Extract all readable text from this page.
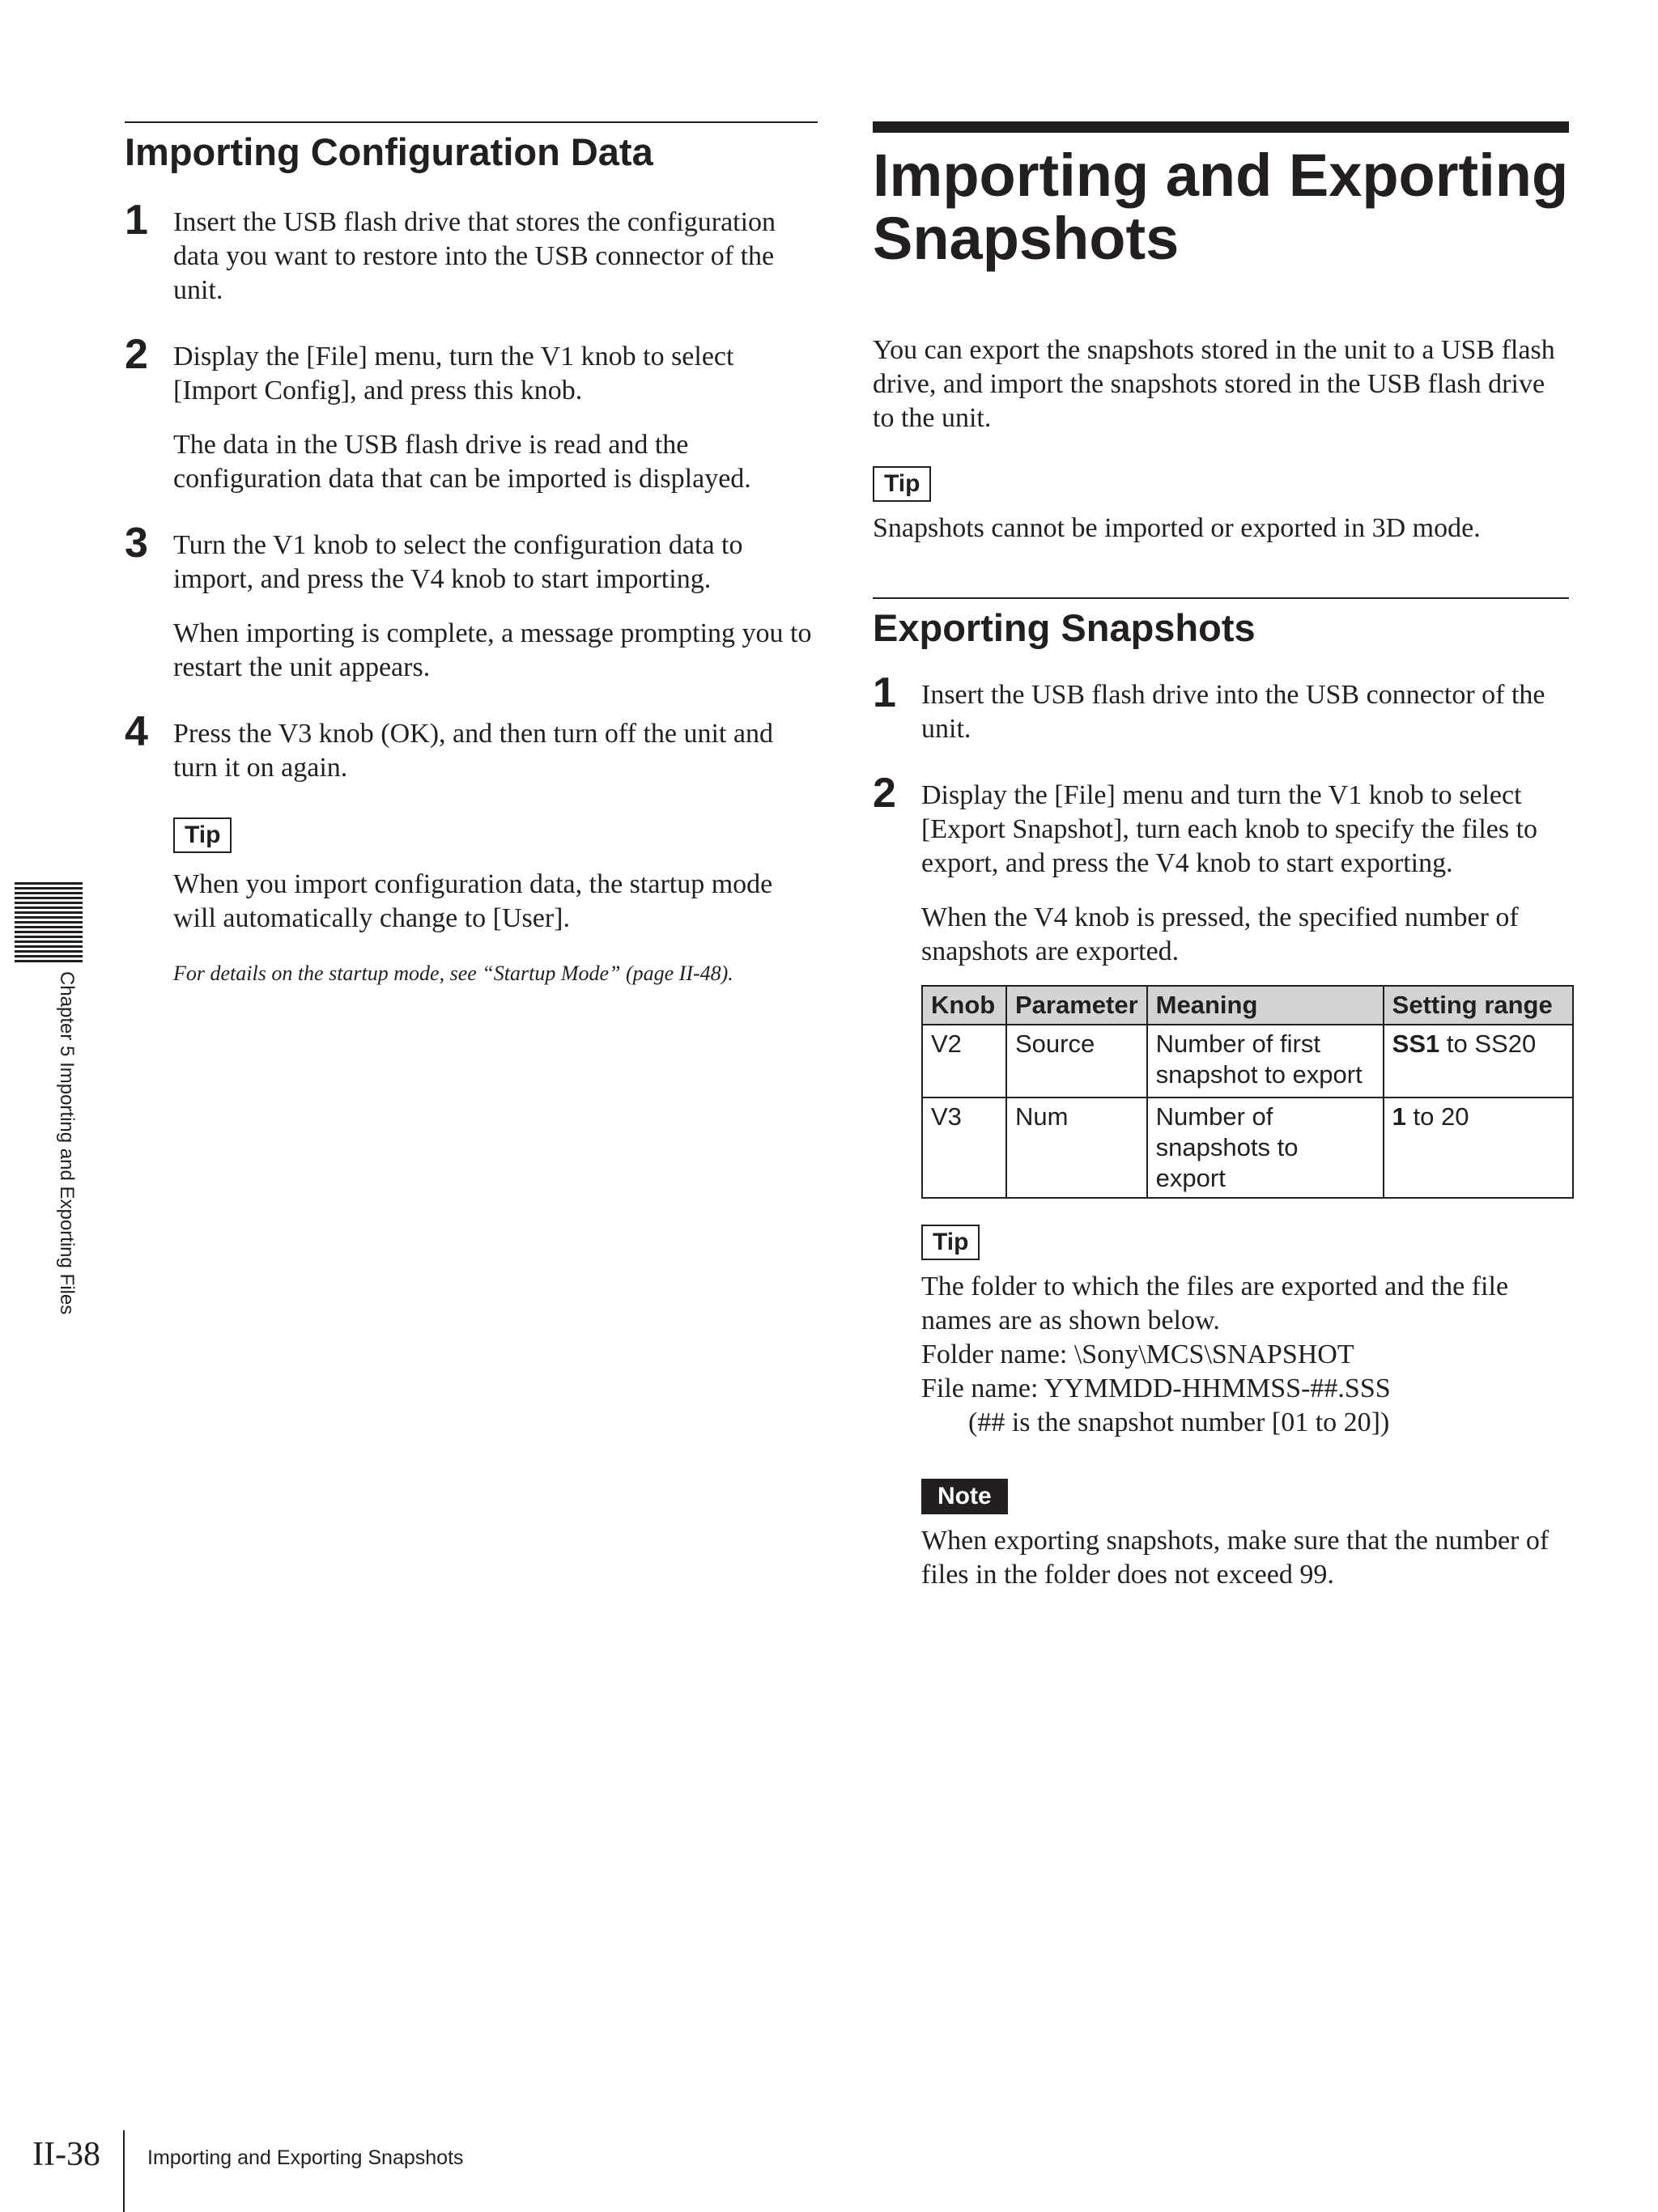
Importing Configuration Data
1 Insert the USB flash drive that stores the configuration data you want to restore into the USB connector of the unit.

2 Display the [File] menu, turn the V1 knob to select [Import Config], and press this knob.

The data in the USB flash drive is read and the configuration data that can be imported is displayed.

3 Turn the V1 knob to select the configuration data to import, and press the V4 knob to start importing.

When importing is complete, a message prompting you to restart the unit appears.

4 Press the V3 knob (OK), and then turn off the unit and turn it on again.

Tip

When you import configuration data, the startup mode will automatically change to [User].

For details on the startup mode, see “Startup Mode” (page II-48).

Importing and Exporting Snapshots

You can export the snapshots stored in the unit to a USB flash drive, and import the snapshots stored in the USB flash drive to the unit.

Tip

Snapshots cannot be imported or exported in 3D mode.

Exporting Snapshots
1 Insert the USB flash drive into the USB connector of the unit.

2 Display the [File] menu and turn the V1 knob to select [Export Snapshot], turn each knob to specify the files to export, and press the V4 knob to start exporting.

When the V4 knob is pressed, the specified number of snapshots are exported.

Knob	Parameter	Meaning	Setting range
V2	Source	Number of first snapshot to export	SS1 to SS20
V3	Num	Number of snapshots to export	1 to 20
Tip

The folder to which the files are exported and the file names are as shown below.

Folder name: \Sony\MCS\SNAPSHOT

File name: YYMMDD-HHMMSS-##.SSS

(## is the snapshot number [01 to 20])

Note

When exporting snapshots, make sure that the number of files in the folder does not exceed 99.

Chapter 5 Importing and Exporting Files
II-38 Importing and Exporting Snapshots
